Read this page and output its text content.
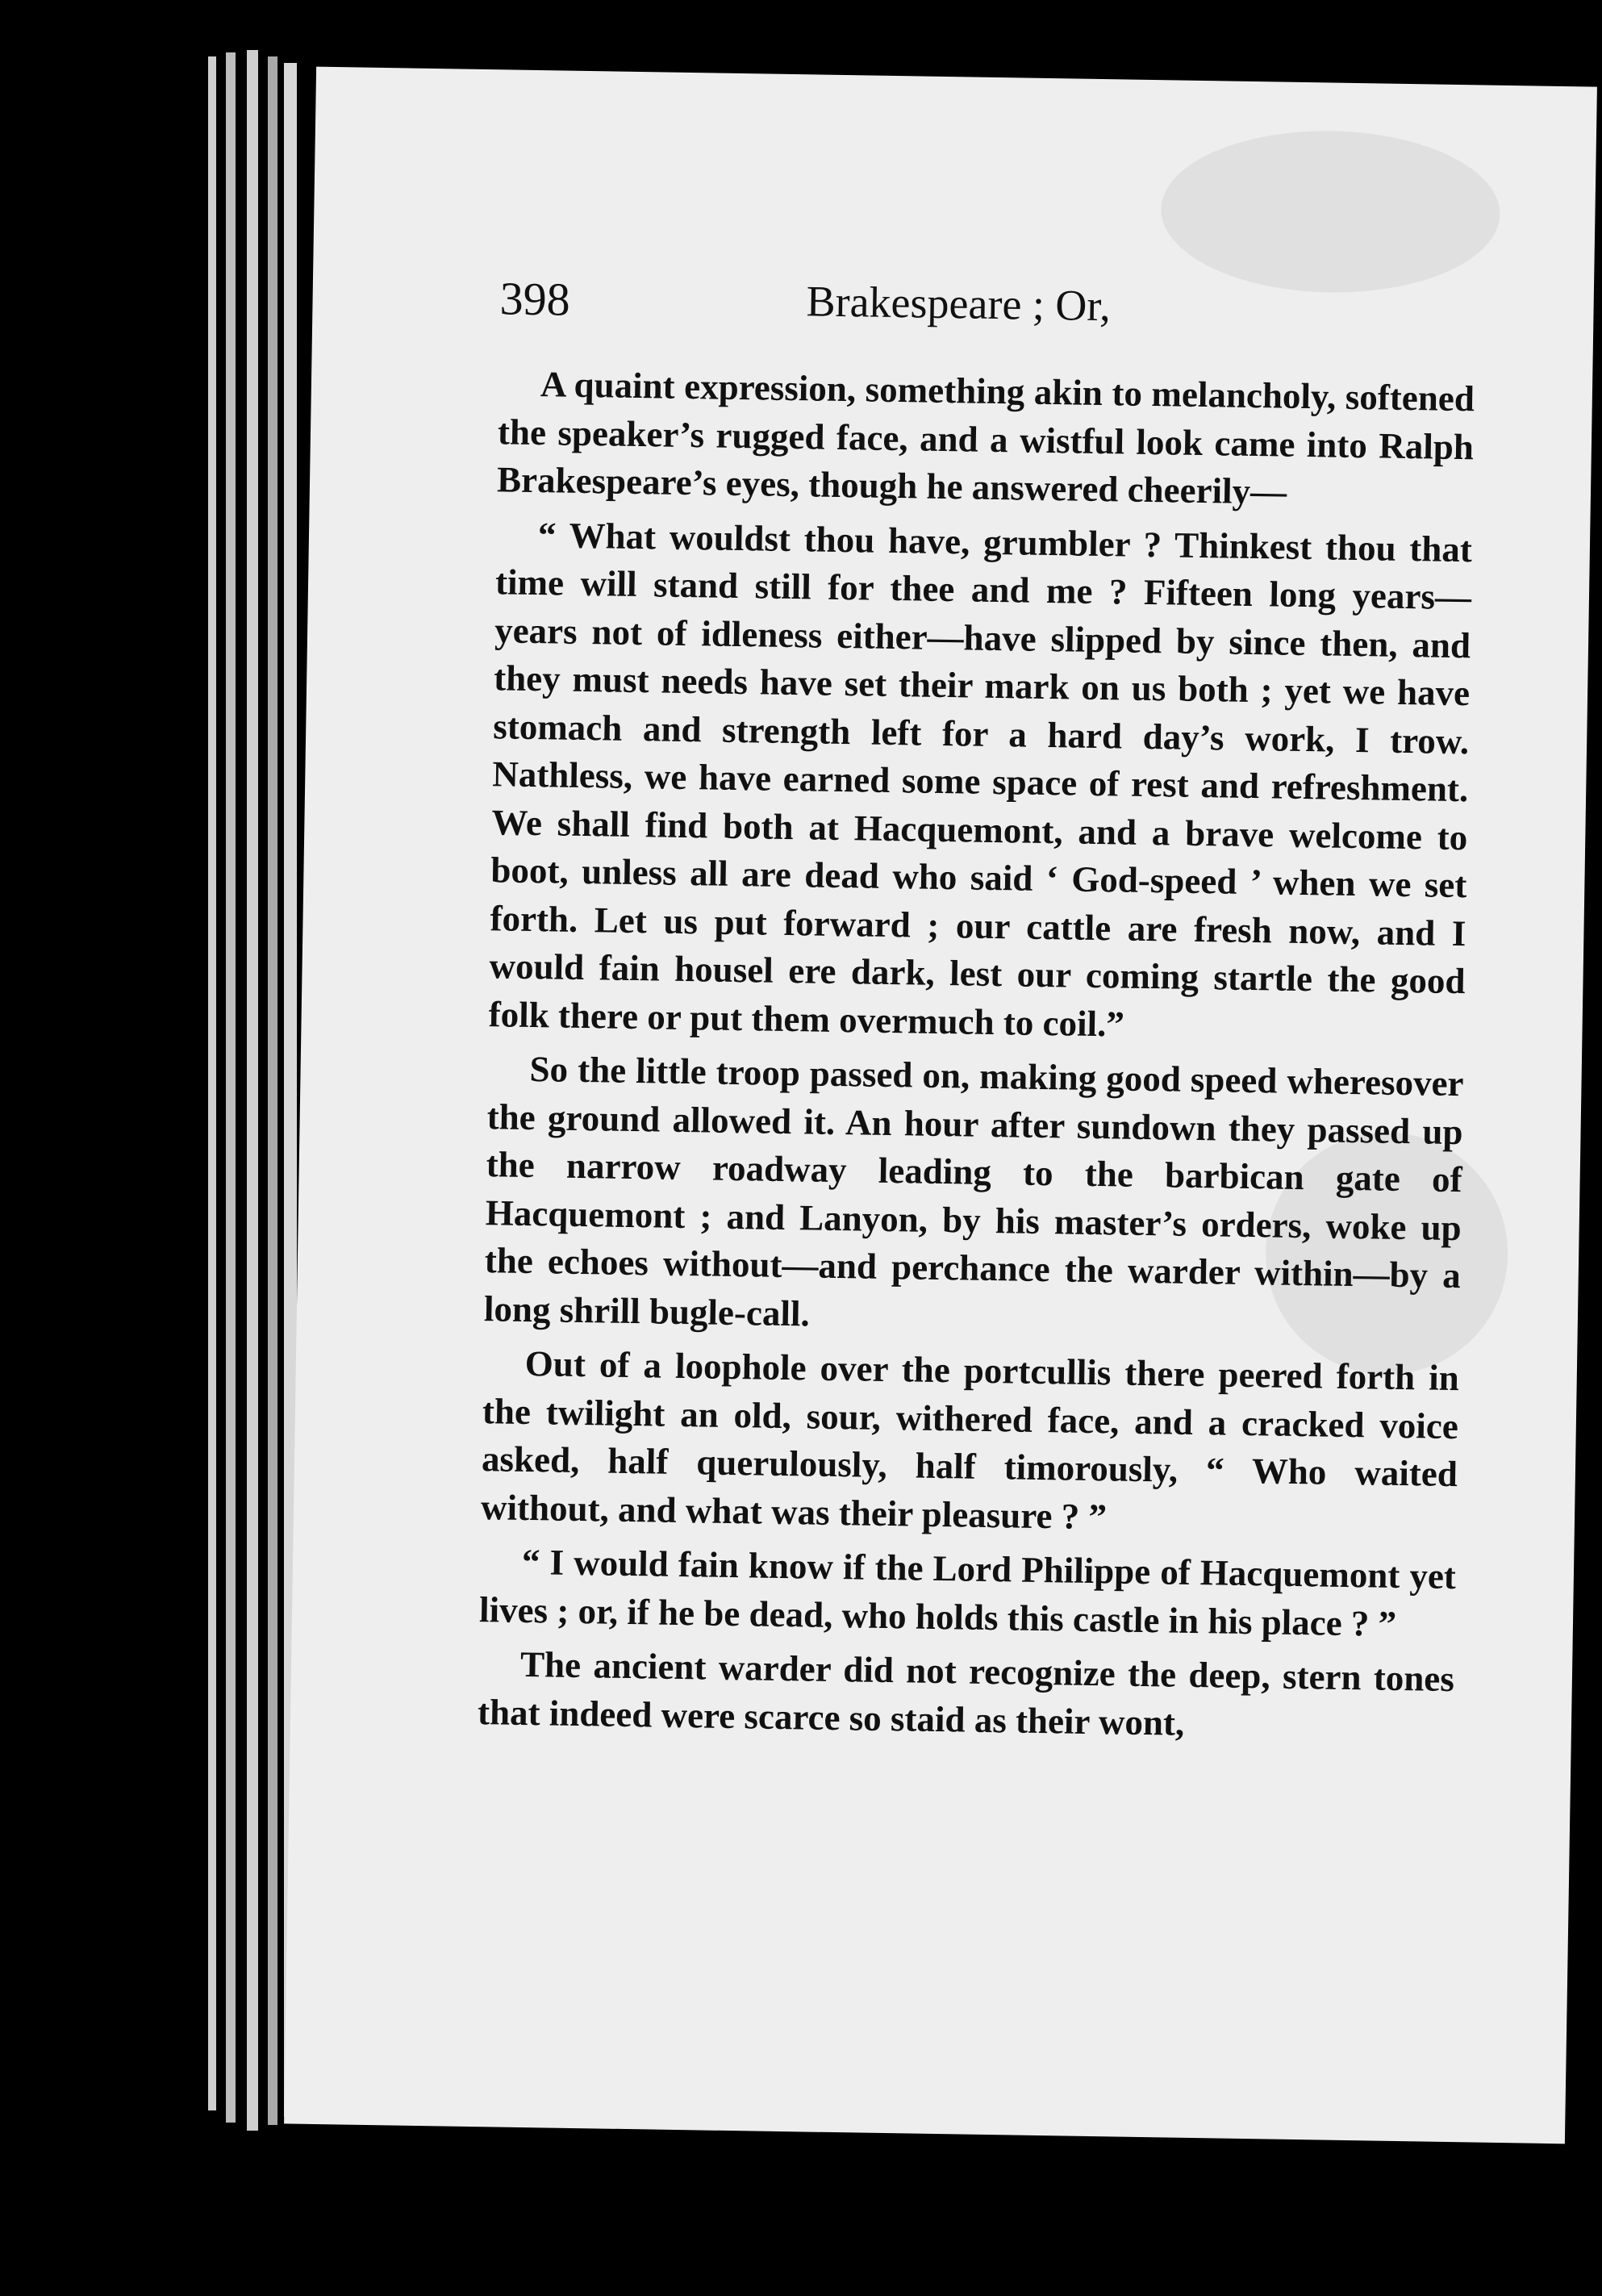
398	Brakespeare ; Or,

A quaint expression, something akin to melancholy, softened the speaker’s rugged face, and a wistful look came into Ralph Brakespeare’s eyes, though he answered cheerily—

“ What wouldst thou have, grumbler ? Thinkest thou that time will stand still for thee and me ? Fifteen long years—years not of idleness either—have slipped by since then, and they must needs have set their mark on us both ; yet we have stomach and strength left for a hard day’s work, I trow. Nathless, we have earned some space of rest and refreshment. We shall find both at Hacquemont, and a brave welcome to boot, unless all are dead who said ‘ God-speed ’ when we set forth. Let us put forward ; our cattle are fresh now, and I would fain housel ere dark, lest our coming startle the good folk there or put them overmuch to coil.”

So the little troop passed on, making good speed wheresover the ground allowed it. An hour after sundown they passed up the narrow roadway leading to the barbican gate of Hacquemont ; and Lanyon, by his master’s orders, woke up the echoes without—and perchance the warder within—by a long shrill bugle-call.

Out of a loophole over the portcullis there peered forth in the twilight an old, sour, withered face, and a cracked voice asked, half querulously, half timorously, “ Who waited without, and what was their pleasure ? ”

“ I would fain know if the Lord Philippe of Hacquemont yet lives ; or, if he be dead, who holds this castle in his place ? ”

The ancient warder did not recognize the deep, stern tones that indeed were scarce so staid as their wont,
